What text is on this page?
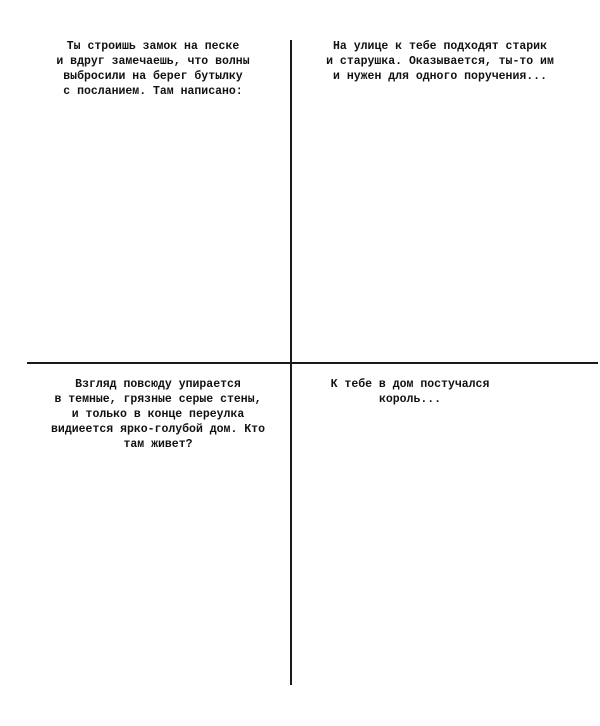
Ты строишь замок на песке
и вдруг замечаешь, что волны
выбросили на берег бутылку
с посланием. Там написано:
На улице к тебе подходят старик
и старушка. Оказывается, ты-то им
и нужен для одного поручения...
Взгляд повсюду упирается
в темные, грязные серые стены,
и только в конце переулка
видиеется ярко-голубой дом. Кто
там живет?
К тебе в дом постучался
король...
